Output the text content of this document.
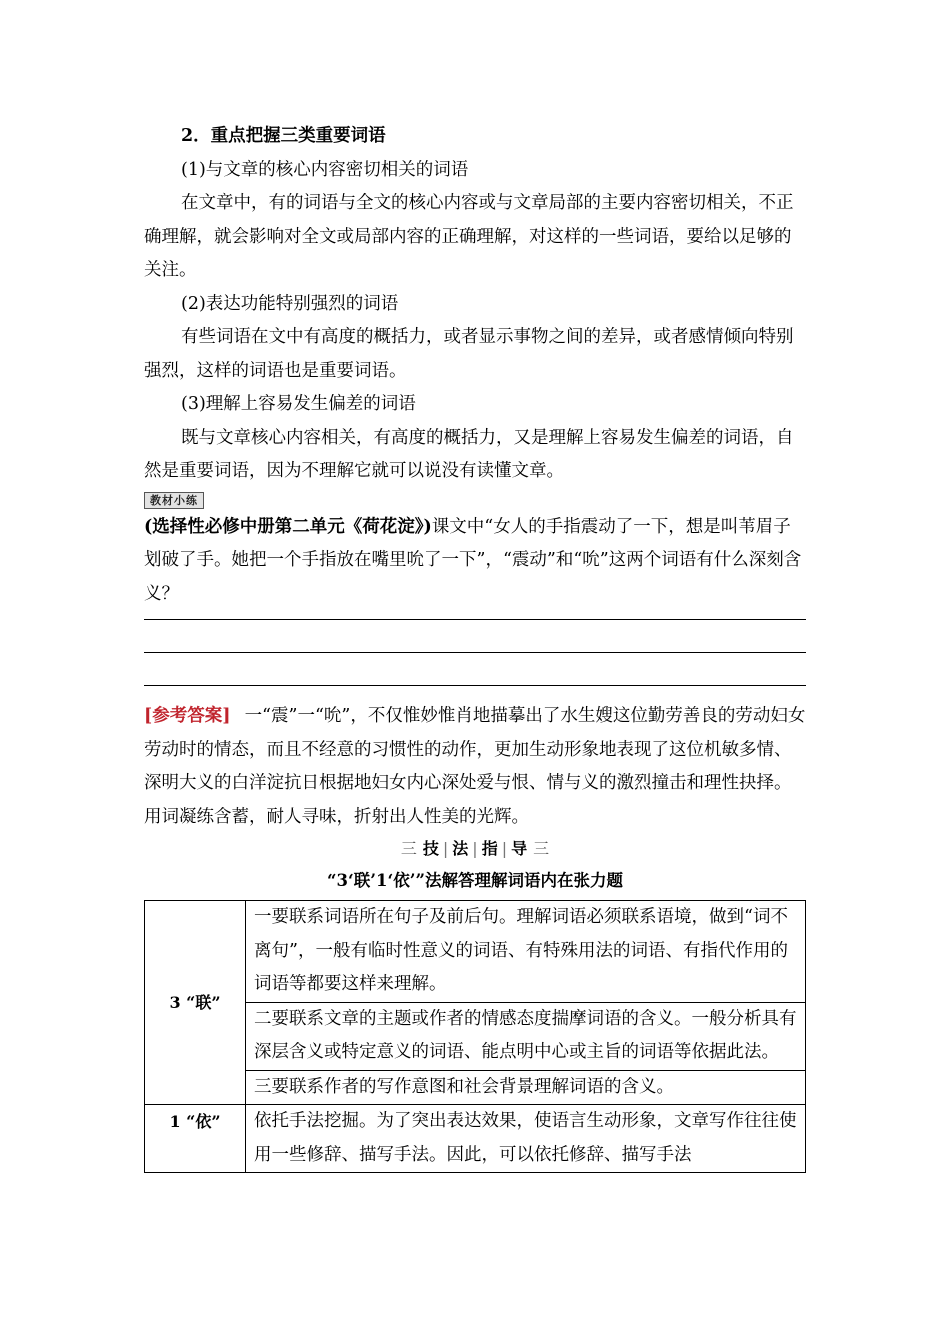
2．重点把握三类重要词语

(1)与文章的核心内容密切相关的词语

在文章中，有的词语与全文的核心内容或与文章局部的主要内容密切相关，不正确理解，就会影响对全文或局部内容的正确理解，对这样的一些词语，要给以足够的关注。

(2)表达功能特别强烈的词语

有些词语在文中有高度的概括力，或者显示事物之间的差异，或者感情倾向特别强烈，这样的词语也是重要词语。

(3)理解上容易发生偏差的词语

既与文章核心内容相关，有高度的概括力，又是理解上容易发生偏差的词语，自然是重要词语，因为不理解它就可以说没有读懂文章。

教材小练

(选择性必修中册第二单元《荷花淀》)课文中“女人的手指震动了一下，想是叫苇眉子划破了手。她把一个手指放在嘴里吮了一下”，“震动”和“吮”这两个词语有什么深刻含义？

[参考答案] 一“震”一“吮”，不仅惟妙惟肖地描摹出了水生嫂这位勤劳善良的劳动妇女劳动时的情态，而且不经意的习惯性的动作，更加生动形象地表现了这位机敏多情、深明大义的白洋淀抗日根据地妇女内心深处爱与恨、情与义的激烈撞击和理性抉择。用词凝练含蓄，耐人寻味，折射出人性美的光辉。

三 技 | 法 | 指 | 导 三

“3‘联’1‘依’”法解答理解词语内在张力题

3 “联”	一要联系词语所在句子及前后句。理解词语必须联系语境，做到“词不离句”，一般有临时性意义的词语、有特殊用法的词语、有指代作用的词语等都要这样来理解。
	二要联系文章的主题或作者的情感态度揣摩词语的含义。一般分析具有深层含义或特定意义的词语、能点明中心或主旨的词语等依据此法。
	三要联系作者的写作意图和社会背景理解词语的含义。
1 “依”	依托手法挖掘。为了突出表达效果，使语言生动形象，文章写作往往使用一些修辞、描写手法。因此，可以依托修辞、描写手法
